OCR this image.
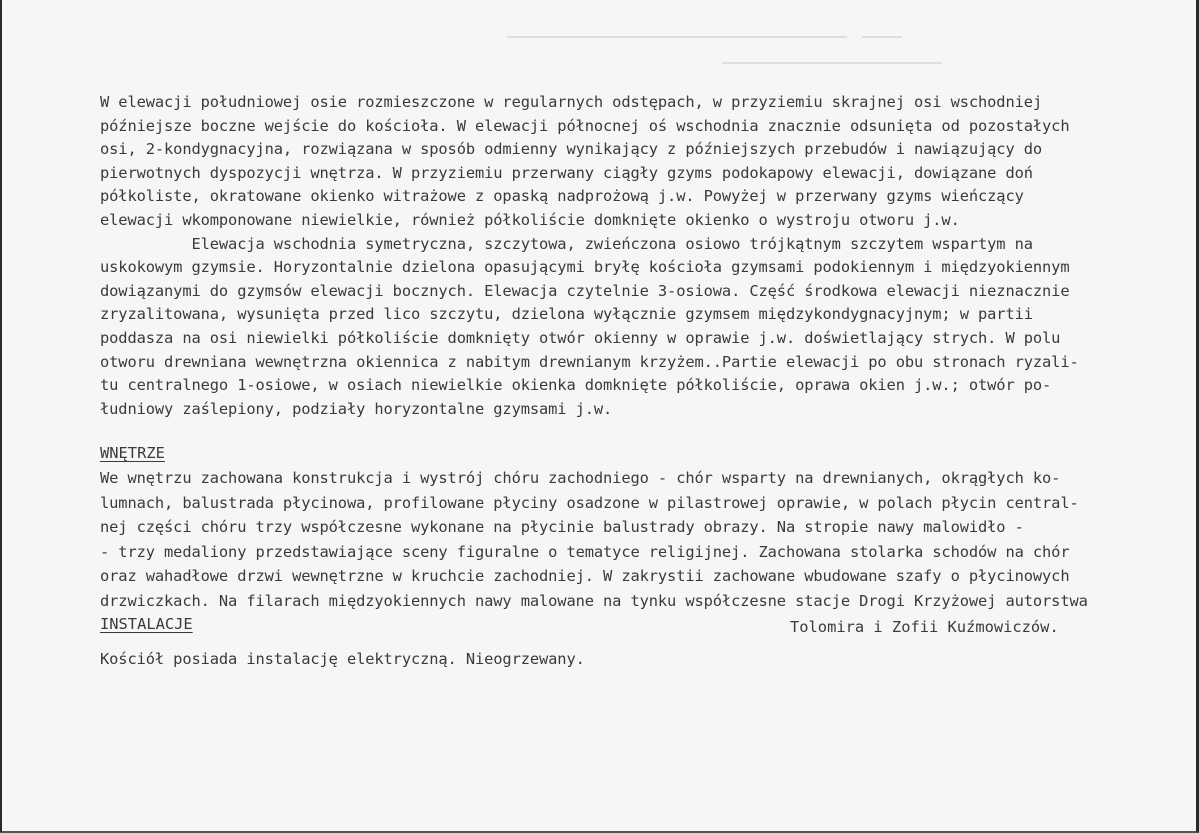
W elewacji południowej osie rozmieszczone w regularnych odstępach, w przyziemiu skrajnej osi wschodniej
późniejsze boczne wejście do kościoła. W elewacji północnej oś wschodnia znacznie odsunięta od pozostałych
osi, 2-kondygnacyjna, rozwiązana w sposób odmienny wynikający z późniejszych przebudów i nawiązujący do
pierwotnych dyspozycji wnętrza. W przyziemiu przerwany ciągły gzyms podokapowy elewacji, dowiązane doń
półkoliste, okratowane okienko witrażowe z opaską nadprożową j.w. Powyżej w przerwany gzyms wieńczący
elewacji wkomponowane niewielkie, również półkoliście domknięte okienko o wystroju otworu j.w.
Elewacja wschodnia symetryczna, szczytowa, zwieńczona osiowo trójkątnym szczytem wspartym na
uskokowym gzymsie. Horyzontalnie dzielona opasującymi bryłę kościoła gzymsami podokiennym i międzyokiennym
dowiązanymi do gzymsów elewacji bocznych. Elewacja czytelnie 3-osiowa. Część środkowa elewacji nieznacznie
zryzalitowana, wysunięta przed lico szczytu, dzielona wyłącznie gzymsem międzykondygnacyjnym; w partii
poddasza na osi niewielki półkoliście domknięty otwór okienny w oprawie j.w. doświetlający strych. W polu
otworu drewniana wewnętrzna okiennica z nabitym drewnianym krzyżem..Partie elewacji po obu stronach ryzali-
tu centralnego 1-osiowe, w osiach niewielkie okienka domknięte półkoliście, oprawa okien j.w.; otwór po-
łudniowy zaślepiony, podziały horyzontalne gzymsami j.w.
WNĘTRZE
We wnętrzu zachowana konstrukcja i wystrój chóru zachodniego - chór wsparty na drewnianych, okrągłych ko-
lumnach, balustrada płycinowa, profilowane płyciny osadzone w pilastrowej oprawie, w polach płycin central-
nej części chóru trzy współczesne wykonane na płycinie balustrady obrazy. Na stropie nawy malowidło -
- trzy medaliony przedstawiające sceny figuralne o tematyce religijnej. Zachowana stolarka schodów na chór
oraz wahadłowe drzwi wewnętrzne w kruchcie zachodniej. W zakrystii zachowane wbudowane szafy o płycinowych
drzwiczkach. Na filarach międzyokiennych nawy malowane na tynku współczesne stacje Drogi Krzyżowej autorstwa
INSTALACJE	Tolomira i Zofii Kuźmowiczów.
Kościół posiada instalację elektryczną. Nieogrzewany.
